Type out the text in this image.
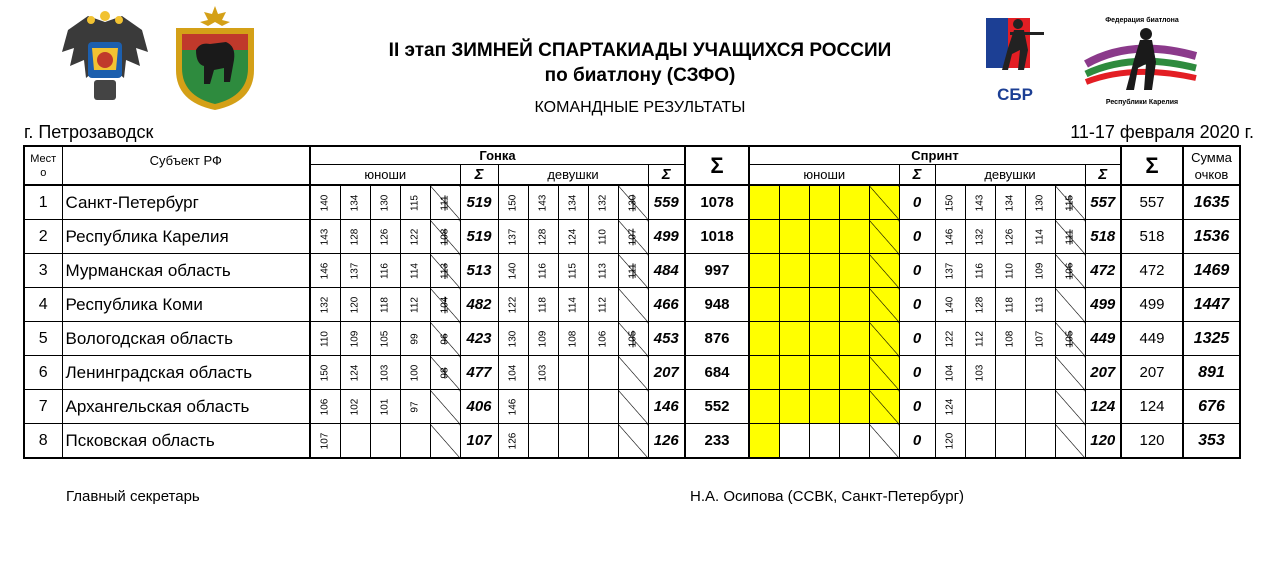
СБР
Федерация биатлона
Республики Карелия
II этап ЗИМНЕЙ СПАРТАКИАДЫ УЧАЩИХСЯ РОССИИ
по биатлону (СЗФО)
КОМАНДНЫЕ РЕЗУЛЬТАТЫ
г. Петрозаводск	11-17 февраля 2020 г.
Мест
о	Субъект РФ	Гонка												Σ	Спринт												Σ	Сумма
очков
		юноши					Σ	девушки					Σ		юноши					Σ	девушки					Σ		
1	Санкт-Петербург	140	134	130	115	111	519	150	143	134	132	130	559	1078						0	150	143	134	130	115	557	557	1635
2	Республика Карелия	143	128	126	122	108	519	137	128	124	110	107	499	1018						0	146	132	126	114	111	518	518	1536
3	Мурманская область	146	137	116	114	113	513	140	116	115	113	111	484	997						0	137	116	110	109	106	472	472	1469
4	Республика Коми	132	120	118	112	104	482	122	118	114	112		466	948						0	140	128	118	113		499	499	1447
5	Вологодская область	110	109	105	99	96	423	130	109	108	106	105	453	876						0	122	112	108	107	105	449	449	1325
6	Ленинградская область	150	124	103	100	98	477	104	103				207	684						0	104	103				207	207	891
7	Архангельская область	106	102	101	97		406	146					146	552						0	124					124	124	676
8	Псковская область	107					107	126					126	233						0	120					120	120	353
Главный секретарь	Н.А. Осипова (ССВК, Санкт-Петербург)
